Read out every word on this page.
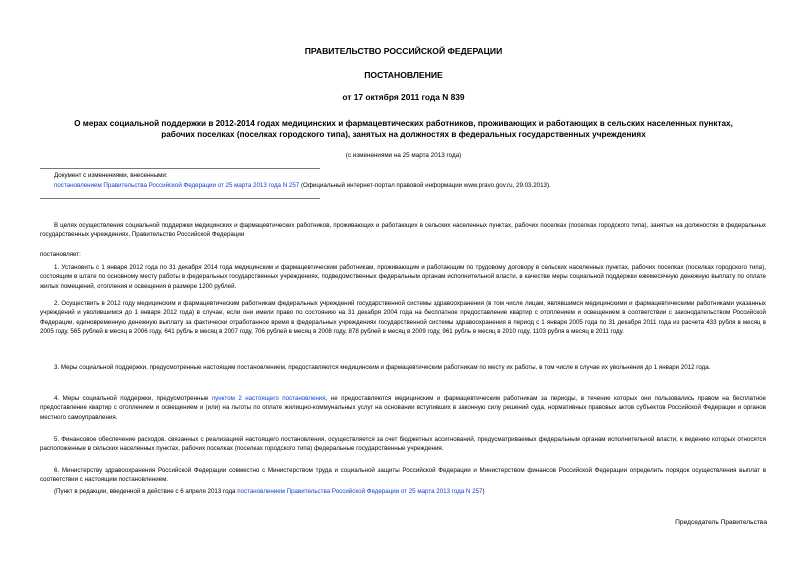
ПРАВИТЕЛЬСТВО РОССИЙСКОЙ ФЕДЕРАЦИИ
ПОСТАНОВЛЕНИЕ
от 17 октября 2011 года N 839
О мерах социальной поддержки в 2012-2014 годах медицинских и фармацевтических работников, проживающих и работающих в сельских населенных пунктах,
рабочих поселках (поселках городского типа), занятых на должностях в федеральных государственных учреждениях
(с изменениями на 25 марта 2013 года)
Документ с изменениями, внесенными:
постановлением Правительства Российской Федерации от 25 марта 2013 года N 257 (Официальный интернет-портал правовой информации www.pravo.gov.ru, 29.03.2013).
В целях осуществления социальной поддержки медицинских и фармацевтических работников, проживающих и работающих в сельских населенных пунктах, рабочих поселках (поселках городского типа), занятых на должностях в федеральных государственных учреждениях, Правительство Российской Федерации
постановляет:
1. Установить с 1 января 2012 года по 31 декабря 2014 года медицинским и фармацевтическим работникам, проживающим и работающим по трудовому договору в сельских населенных пунктах, рабочих поселках (поселках городского типа), состоящим в штате по основному месту работы в федеральных государственных учреждениях, подведомственных федеральным органам исполнительной власти, в качестве меры социальной поддержки ежемесячную денежную выплату по оплате жилых помещений, отопления и освещения в размере 1200 рублей.
2. Осуществить в 2012 году медицинским и фармацевтическим работникам федеральных учреждений государственной системы здравоохранения (в том числе лицам, являвшимся медицинскими и фармацевтическими работниками указанных учреждений и уволившимся до 1 января 2012 года) в случае, если они имели право по состоянию на 31 декабря 2004 года на бесплатное предоставление квартир с отоплением и освещением в соответствии с законодательством Российской Федерации, единовременную денежную выплату за фактически отработанное время в федеральных учреждениях государственной системы здравоохранения в период с 1 января 2005 года по 31 декабря 2011 года из расчета 433 рубля в месяц в 2005 году, 565 рублей в месяц в 2006 году, 641 рубль в месяц в 2007 году, 706 рублей в месяц в 2008 году, 878 рублей в месяц в 2009 году, 961 рубль в месяц в 2010 году, 1103 рубля в месяц в 2011 году.
3. Меры социальной поддержки, предусмотренные настоящим постановлением, предоставляются медицинским и фармацевтическим работникам по месту их работы, в том числе в случае их увольнения до 1 января 2012 года.
4. Меры социальной поддержки, предусмотренные пунктом 2 настоящего постановления, не предоставляются медицинским и фармацевтическим работникам за периоды, в течение которых они пользовались правом на бесплатное предоставление квартир с отоплением и освещением и (или) на льготы по оплате жилищно-коммунальных услуг на основании вступивших в законную силу решений суда, нормативных правовых актов субъектов Российской Федерации и органов местного самоуправления.
5. Финансовое обеспечение расходов, связанных с реализацией настоящего постановления, осуществляется за счет бюджетных ассигнований, предусматриваемых федеральным органам исполнительной власти, к ведению которых относятся расположенные в сельских населенных пунктах, рабочих поселках (поселках городского типа) федеральные государственные учреждения.
6. Министерству здравоохранения Российской Федерации совместно с Министерством труда и социальной защиты Российской Федерации и Министерством финансов Российской Федерации определить порядок осуществления выплат в соответствии с настоящим постановлением.
(Пункт в редакции, введенной в действие с 6 апреля 2013 года постановлением Правительства Российской Федерации от 25 марта 2013 года N 257)
Председатель Правительства
